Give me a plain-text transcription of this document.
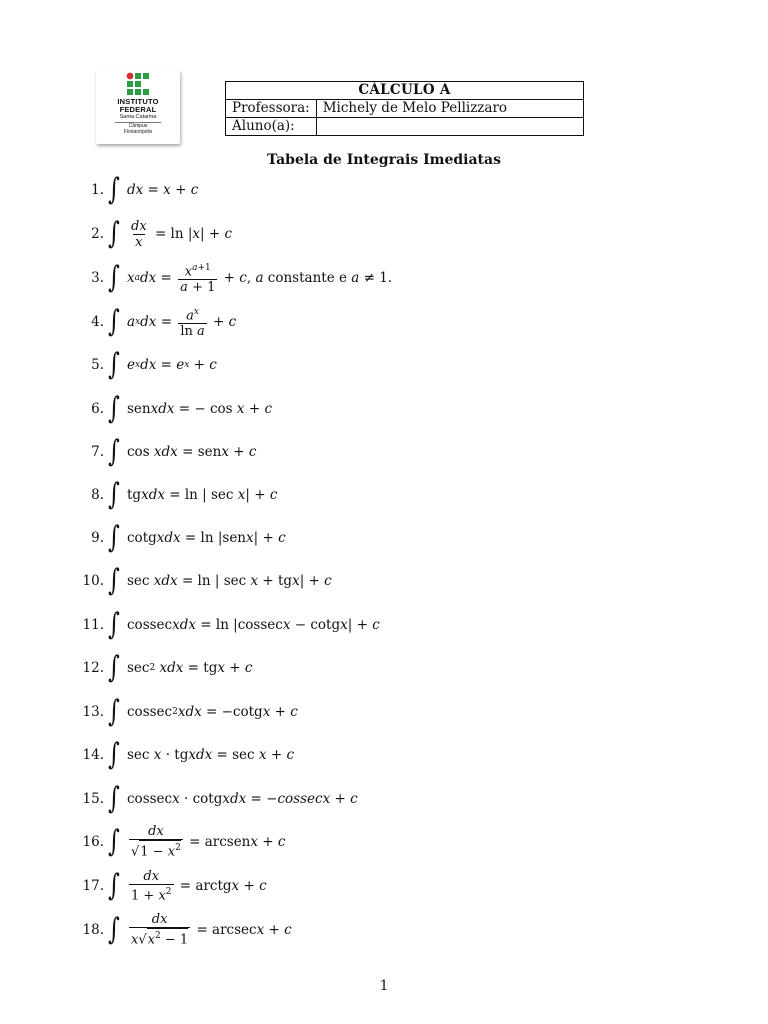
INSTITUTO
FEDERAL
Santa Catarina
Câmpus
Florianópolis
CÁLCULO A	
Professora:	Michely de Melo Pellizzaro
Aluno(a):	
Tabela de Integrais Imediatas
1. ∫ dx = x + c
2. ∫ $\frac{dx}{x} = \ln$ | x | + c
3. ∫ x a dx = $\frac{x^{a+1}}{a + 1} + c$ , a constante e a ≠ 1.
4. ∫ a x dx = $\frac{a^x}{\text{ln a}} + c$
5. ∫ e x dx = e x + c
6. ∫ sen xdx = − cos x + c
7. ∫ cos xdx = sen x + c
8. ∫ tg xdx = ln | sec x | + c
9. ∫ cotg xdx = ln |sen x | + c
10. ∫ sec xdx = ln | sec x + tg x | + c
11. ∫ cossec xdx = ln |cossec x − cotg x | + c
12. ∫ sec 2
xdx = tg x + c
13. ∫ cossec 2 xdx = −cotg x + c
14. ∫ sec x · tg xdx = sec x + c
15. ∫ cossec x · cotg xdx = − cossecx + c
16. ∫ $\frac{dx}{√1 - x^2}$ = arcsen x + c
17. ∫ $\frac{dx}{1 + x^2}$ = arctg x + c
18. ∫ $\frac{dx}{x√x^2 - 1} = arcsec$ x + c
1
